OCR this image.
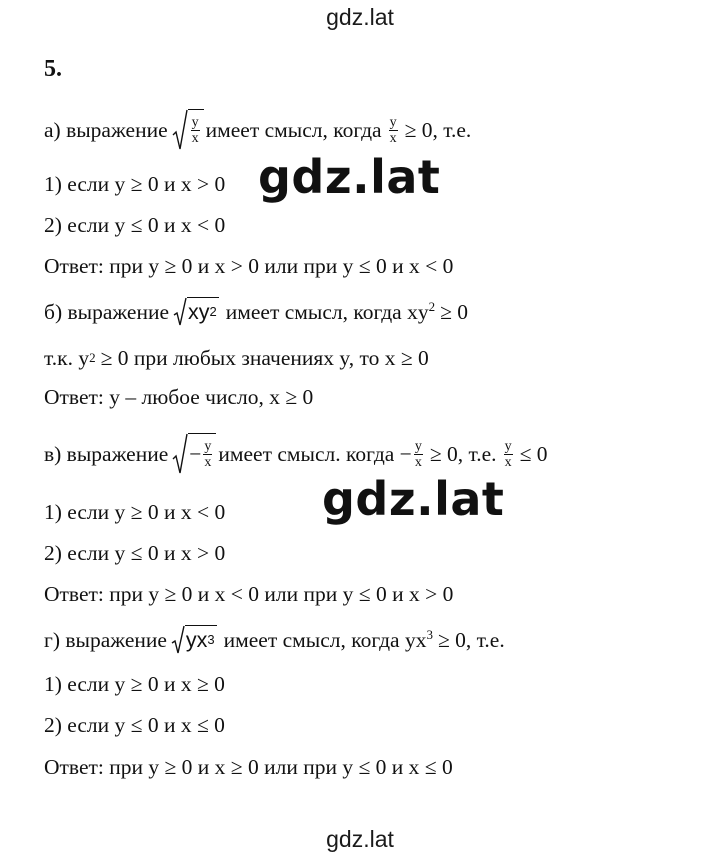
gdz.lat
5.
а) выражение $\frac{y}{x}$ имеет смысл, когда $\frac{y}{x} \ge 0$, т.е.
1) если y ≥ 0 и x > 0
2) если y ≤ 0 и x < 0
Ответ: при y ≥ 0 и x > 0 или при y ≤ 0 и x < 0
gdz.lat
б) выражение xy 2 имеет смысл, когда $xy^2 \ge 0$
т.к. y 2 ≥ 0 при любых значениях y, то x ≥ 0
Ответ: y – любое число, x ≥ 0
в) выражение − $\frac{y}{x}$ имеет смысл. когда − $\frac{y}{x} \ge 0$, т.е. $\frac{y}{x} \le 0$
1) если y ≥ 0 и x < 0
2) если y ≤ 0 и x > 0
Ответ: при y ≥ 0 и x < 0 или при y ≤ 0 и x > 0
gdz.lat
г) выражение yx 3 имеет смысл, когда $yx^3 \ge 0$, т.е.
1) если y ≥ 0 и x ≥ 0
2) если y ≤ 0 и x ≤ 0
Ответ: при y ≥ 0 и x ≥ 0 или при y ≤ 0 и x ≤ 0
gdz.lat
